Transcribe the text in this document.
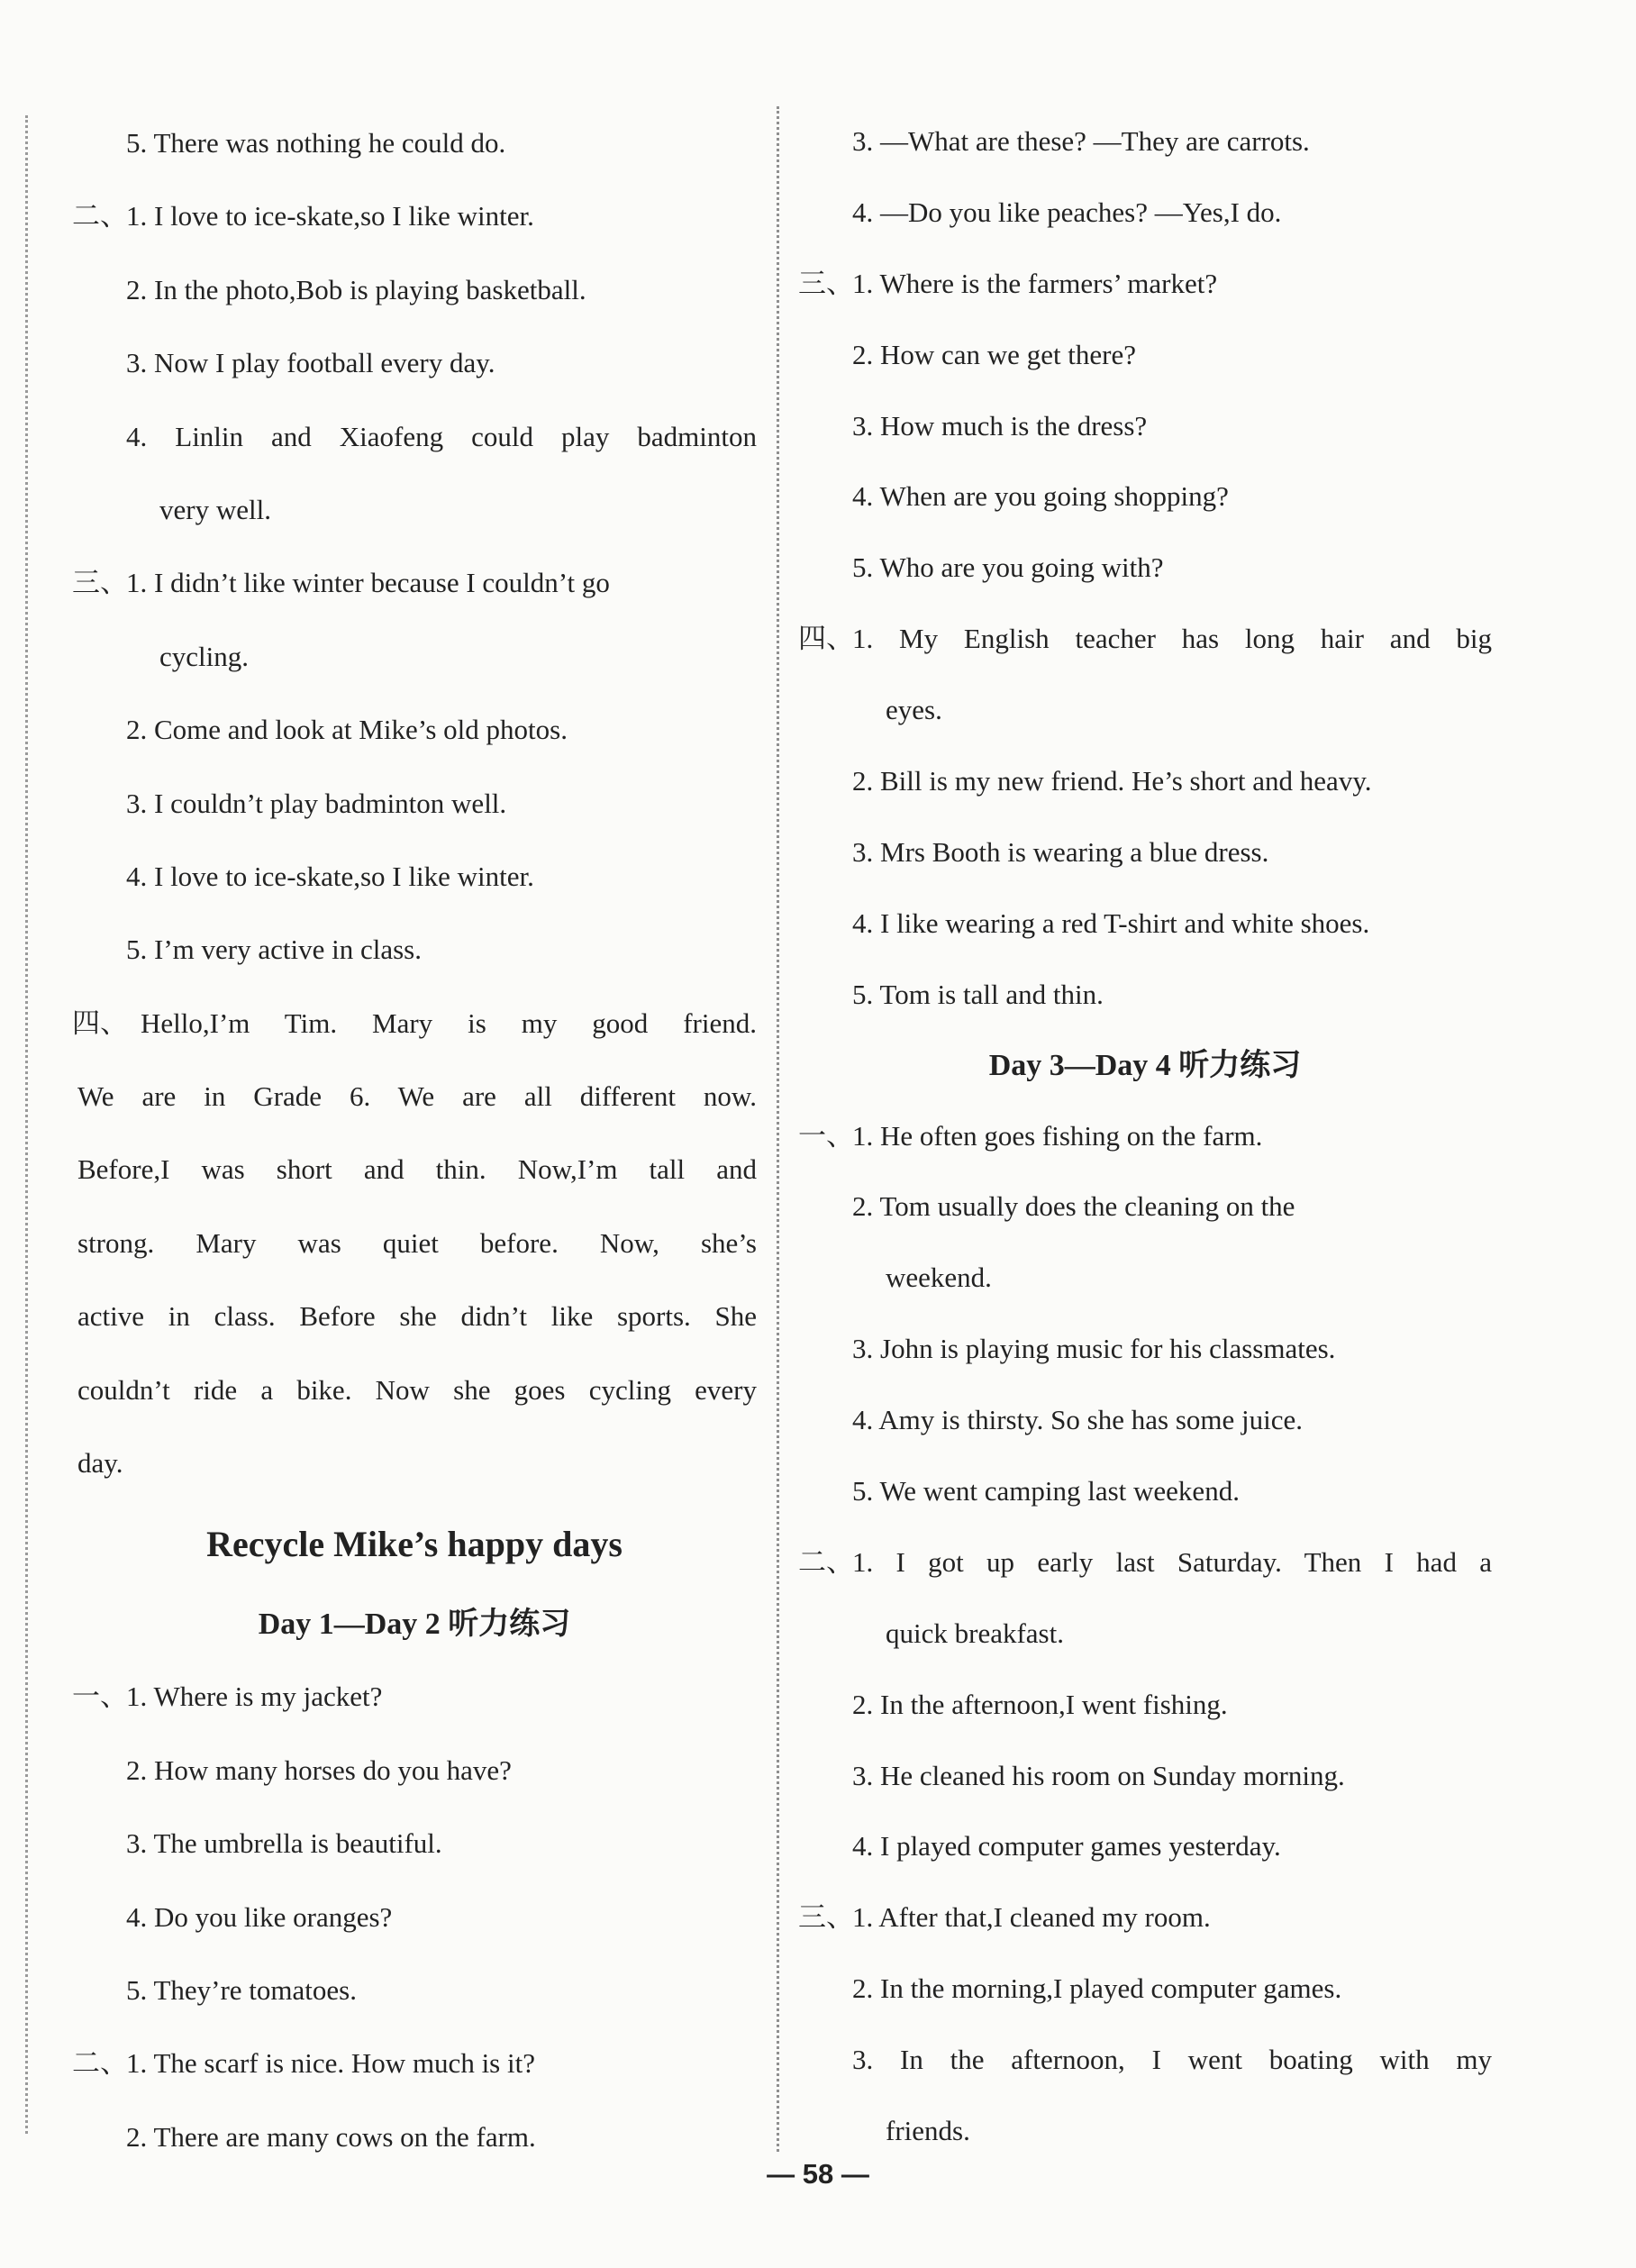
5. There was nothing he could do.
二、1. I love to ice-skate,so I like winter.
2. In the photo,Bob is playing basketball.
3. Now I play football every day.
4. Linlin and Xiaofeng could play badminton
very well.
三、1. I didn’t like winter because I couldn’t go
cycling.
2. Come and look at Mike’s old photos.
3. I couldn’t play badminton well.
4. I love to ice-skate,so I like winter.
5. I’m very active in class.
四、 Hello,I’m Tim. Mary is my good friend.
We are in Grade 6. We are all different now.
Before,I was short and thin. Now,I’m tall and
strong. Mary was quiet before. Now, she’s
active in class. Before she didn’t like sports. She
couldn’t ride a bike. Now she goes cycling every
day.
Recycle Mike’s happy days
Day 1—Day 2 听力练习
一、1. Where is my jacket?
2. How many horses do you have?
3. The umbrella is beautiful.
4. Do you like oranges?
5. They’re tomatoes.
二、1. The scarf is nice. How much is it?
2. There are many cows on the farm.
3. —What are these? —They are carrots.
4. —Do you like peaches? —Yes,I do.
三、1. Where is the farmers’ market?
2. How can we get there?
3. How much is the dress?
4. When are you going shopping?
5. Who are you going with?
四、
1. My English teacher has long hair and big
eyes.
2. Bill is my new friend. He’s short and heavy.
3. Mrs Booth is wearing a blue dress.
4. I like wearing a red T-shirt and white shoes.
5. Tom is tall and thin.
Day 3—Day 4 听力练习
一、1. He often goes fishing on the farm.
2. Tom usually does the cleaning on the
weekend.
3. John is playing music for his classmates.
4. Amy is thirsty. So she has some juice.
5. We went camping last weekend.
二、
1. I got up early last Saturday. Then I had a
quick breakfast.
2. In the afternoon,I went fishing.
3. He cleaned his room on Sunday morning.
4. I played computer games yesterday.
三、1. After that,I cleaned my room.
2. In the morning,I played computer games.
3. In the afternoon, I went boating with my
friends.
— 58 —
